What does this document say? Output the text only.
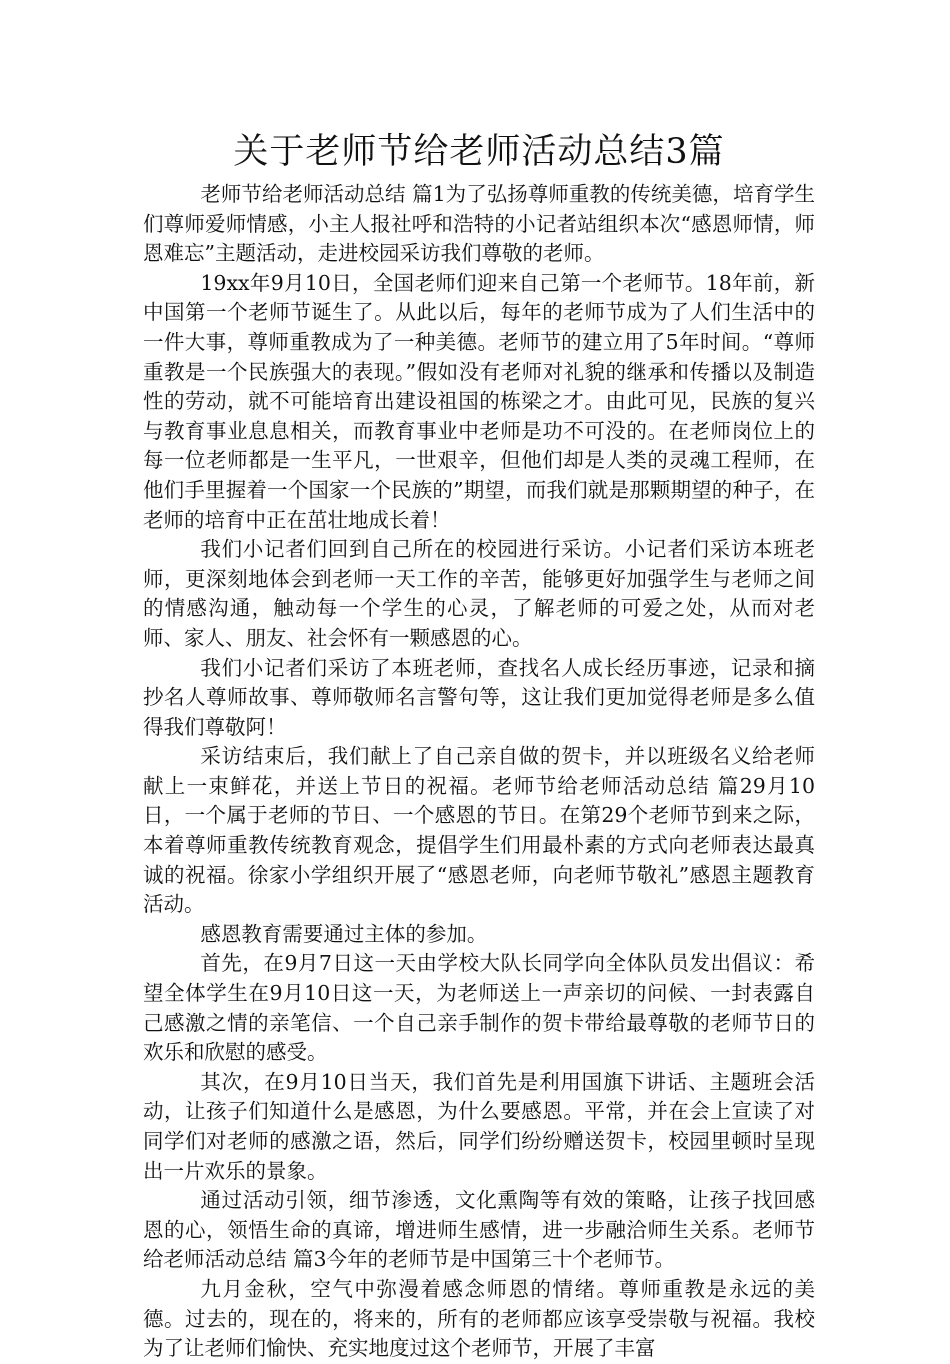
关于老师节给老师活动总结3篇

老师节给老师活动总结 篇1为了弘扬尊师重教的传统美德，培育学生们尊师爱师情感，小主人报社呼和浩特的小记者站组织本次“感恩师情，师恩难忘”主题活动，走进校园采访我们尊敬的老师。

19xx年9月10日，全国老师们迎来自己第一个老师节。18年前，新中国第一个老师节诞生了。从此以后，每年的老师节成为了人们生活中的一件大事，尊师重教成为了一种美德。老师节的建立用了5年时间。“尊师重教是一个民族强大的表现。”假如没有老师对礼貌的继承和传播以及制造性的劳动，就不可能培育出建设祖国的栋梁之才。由此可见，民族的复兴与教育事业息息相关，而教育事业中老师是功不可没的。在老师岗位上的每一位老师都是一生平凡，一世艰辛，但他们却是人类的灵魂工程师，在他们手里握着一个国家一个民族的”期望，而我们就是那颗期望的种子，在老师的培育中正在茁壮地成长着！

我们小记者们回到自己所在的校园进行采访。小记者们采访本班老师，更深刻地体会到老师一天工作的辛苦，能够更好加强学生与老师之间的情感沟通，触动每一个学生的心灵，了解老师的可爱之处，从而对老师、家人、朋友、社会怀有一颗感恩的心。

我们小记者们采访了本班老师，查找名人成长经历事迹，记录和摘抄名人尊师故事、尊师敬师名言警句等，这让我们更加觉得老师是多么值得我们尊敬阿！

采访结束后，我们献上了自己亲自做的贺卡，并以班级名义给老师献上一束鲜花，并送上节日的祝福。老师节给老师活动总结 篇29月10日，一个属于老师的节日、一个感恩的节日。在第29个老师节到来之际，本着尊师重教传统教育观念，提倡学生们用最朴素的方式向老师表达最真诚的祝福。徐家小学组织开展了“感恩老师，向老师节敬礼”感恩主题教育活动。

感恩教育需要通过主体的参加。

首先，在9月7日这一天由学校大队长同学向全体队员发出倡议：希望全体学生在9月10日这一天，为老师送上一声亲切的问候、一封表露自己感激之情的亲笔信、一个自己亲手制作的贺卡带给最尊敬的老师节日的欢乐和欣慰的感受。

其次，在9月10日当天，我们首先是利用国旗下讲话、主题班会活动，让孩子们知道什么是感恩，为什么要感恩。平常，并在会上宣读了对同学们对老师的感激之语，然后，同学们纷纷赠送贺卡，校园里顿时呈现出一片欢乐的景象。

通过活动引领，细节渗透，文化熏陶等有效的策略，让孩子找回感恩的心，领悟生命的真谛，增进师生感情，进一步融洽师生关系。老师节给老师活动总结 篇3今年的老师节是中国第三十个老师节。

九月金秋，空气中弥漫着感念师恩的情绪。尊师重教是永远的美德。过去的，现在的，将来的，所有的老师都应该享受崇敬与祝福。我校为了让老师们愉快、充实地度过这个老师节，开展了丰富
